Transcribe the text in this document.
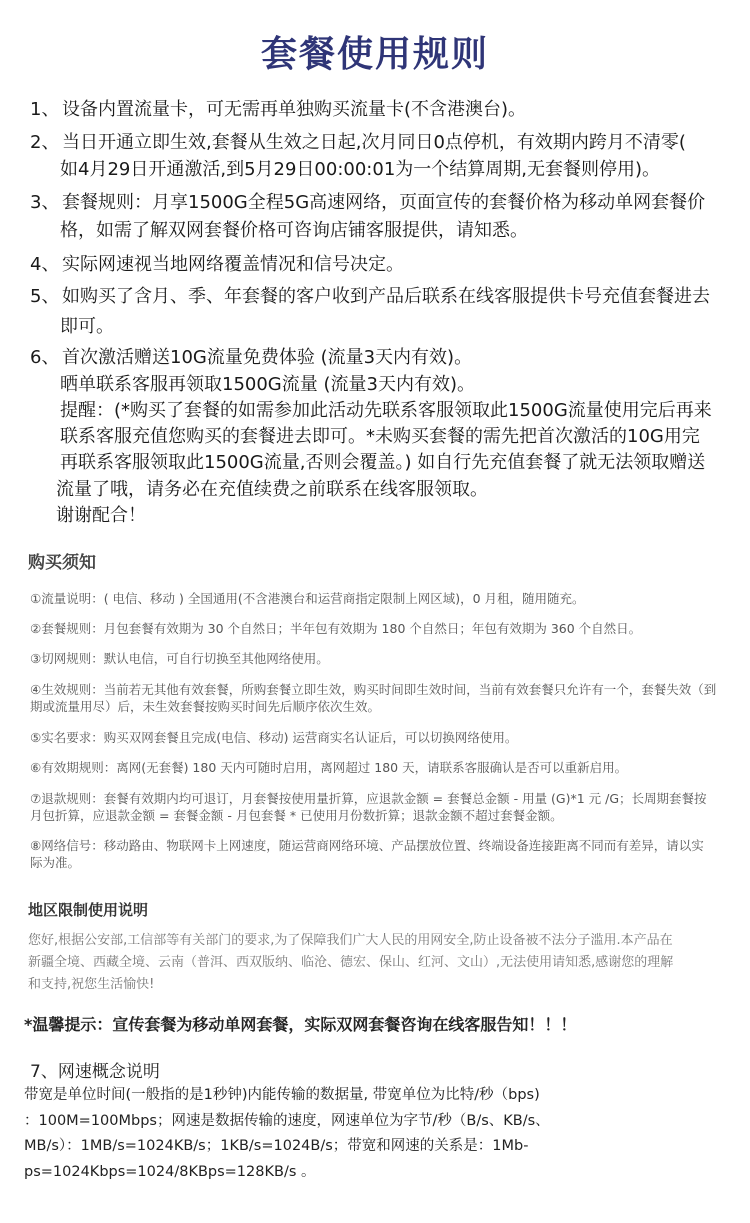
套餐使用规则
1、 设备内置流量卡，可无需再单独购买流量卡(不含港澳台)。
2、 当日开通立即生效,套餐从生效之日起,次月同日0点停机，有效期内跨月不清零(
如4月29日开通激活,到5月29日00:00:01为一个结算周期,无套餐则停用)。
3、 套餐规则：月享1500G全程5G高速网络，页面宣传的套餐价格为移动单网套餐价
格，如需了解双网套餐价格可咨询店铺客服提供，请知悉。
4、 实际网速视当地网络覆盖情况和信号决定。
5、 如购买了含月、季、年套餐的客户收到产品后联系在线客服提供卡号充值套餐进去
即可。
6、 首次激活赠送10G流量免费体验 (流量3天内有效)。
晒单联系客服再领取1500G流量 (流量3天内有效)。
提醒：(*购买了套餐的如需参加此活动先联系客服领取此1500G流量使用完后再来
联系客服充值您购买的套餐进去即可。*未购买套餐的需先把首次激活的10G用完
再联系客服领取此1500G流量,否则会覆盖。) 如自行先充值套餐了就无法领取赠送
流量了哦，请务必在充值续费之前联系在线客服领取。
谢谢配合！
购买须知
①流量说明：( 电信、移动 ) 全国通用(不含港澳台和运营商指定限制上网区域)，0 月租，随用随充。
②套餐规则：月包套餐有效期为 30 个自然日；半年包有效期为 180 个自然日；年包有效期为 360 个自然日。
③切网规则：默认电信，可自行切换至其他网络使用。
④生效规则：当前若无其他有效套餐，所购套餐立即生效，购买时间即生效时间，当前有效套餐只允许有一个，套餐失效（到
期或流量用尽）后，未生效套餐按购买时间先后顺序依次生效。
⑤实名要求：购买双网套餐且完成(电信、移动) 运营商实名认证后，可以切换网络使用。
⑥有效期规则：离网(无套餐) 180 天内可随时启用，离网超过 180 天，请联系客服确认是否可以重新启用。
⑦退款规则：套餐有效期内均可退订，月套餐按使用量折算，应退款金额 = 套餐总金额 - 用量 (G)*1 元 /G；长周期套餐按
月包折算，应退款金额 = 套餐金额 - 月包套餐 * 已使用月份数折算；退款金额不超过套餐金额。
⑧网络信号：移动路由、物联网卡上网速度，随运营商网络环境、产品摆放位置、终端设备连接距离不同而有差异，请以实
际为准。
地区限制使用说明
您好,根据公安部,工信部等有关部门的要求,为了保障我们广大人民的用网安全,防止设备被不法分子滥用.本产品在
新疆全境、西藏全境、云南（普洱、西双版纳、临沧、德宏、保山、红河、文山）,无法使用请知悉,感谢您的理解
和支持,祝您生活愉快!
*温馨提示：宣传套餐为移动单网套餐，实际双网套餐咨询在线客服告知！！！
7、网速概念说明
带宽是单位时间(一般指的是1秒钟)内能传输的数据量, 带宽单位为比特/秒（bps)
：100M=100Mbps；网速是数据传输的速度，网速单位为字节/秒（B/s、KB/s、
MB/s）：1MB/s=1024KB/s；1KB/s=1024B/s；带宽和网速的关系是：1Mb-
ps=1024Kbps=1024/8KBps=128KB/s 。
